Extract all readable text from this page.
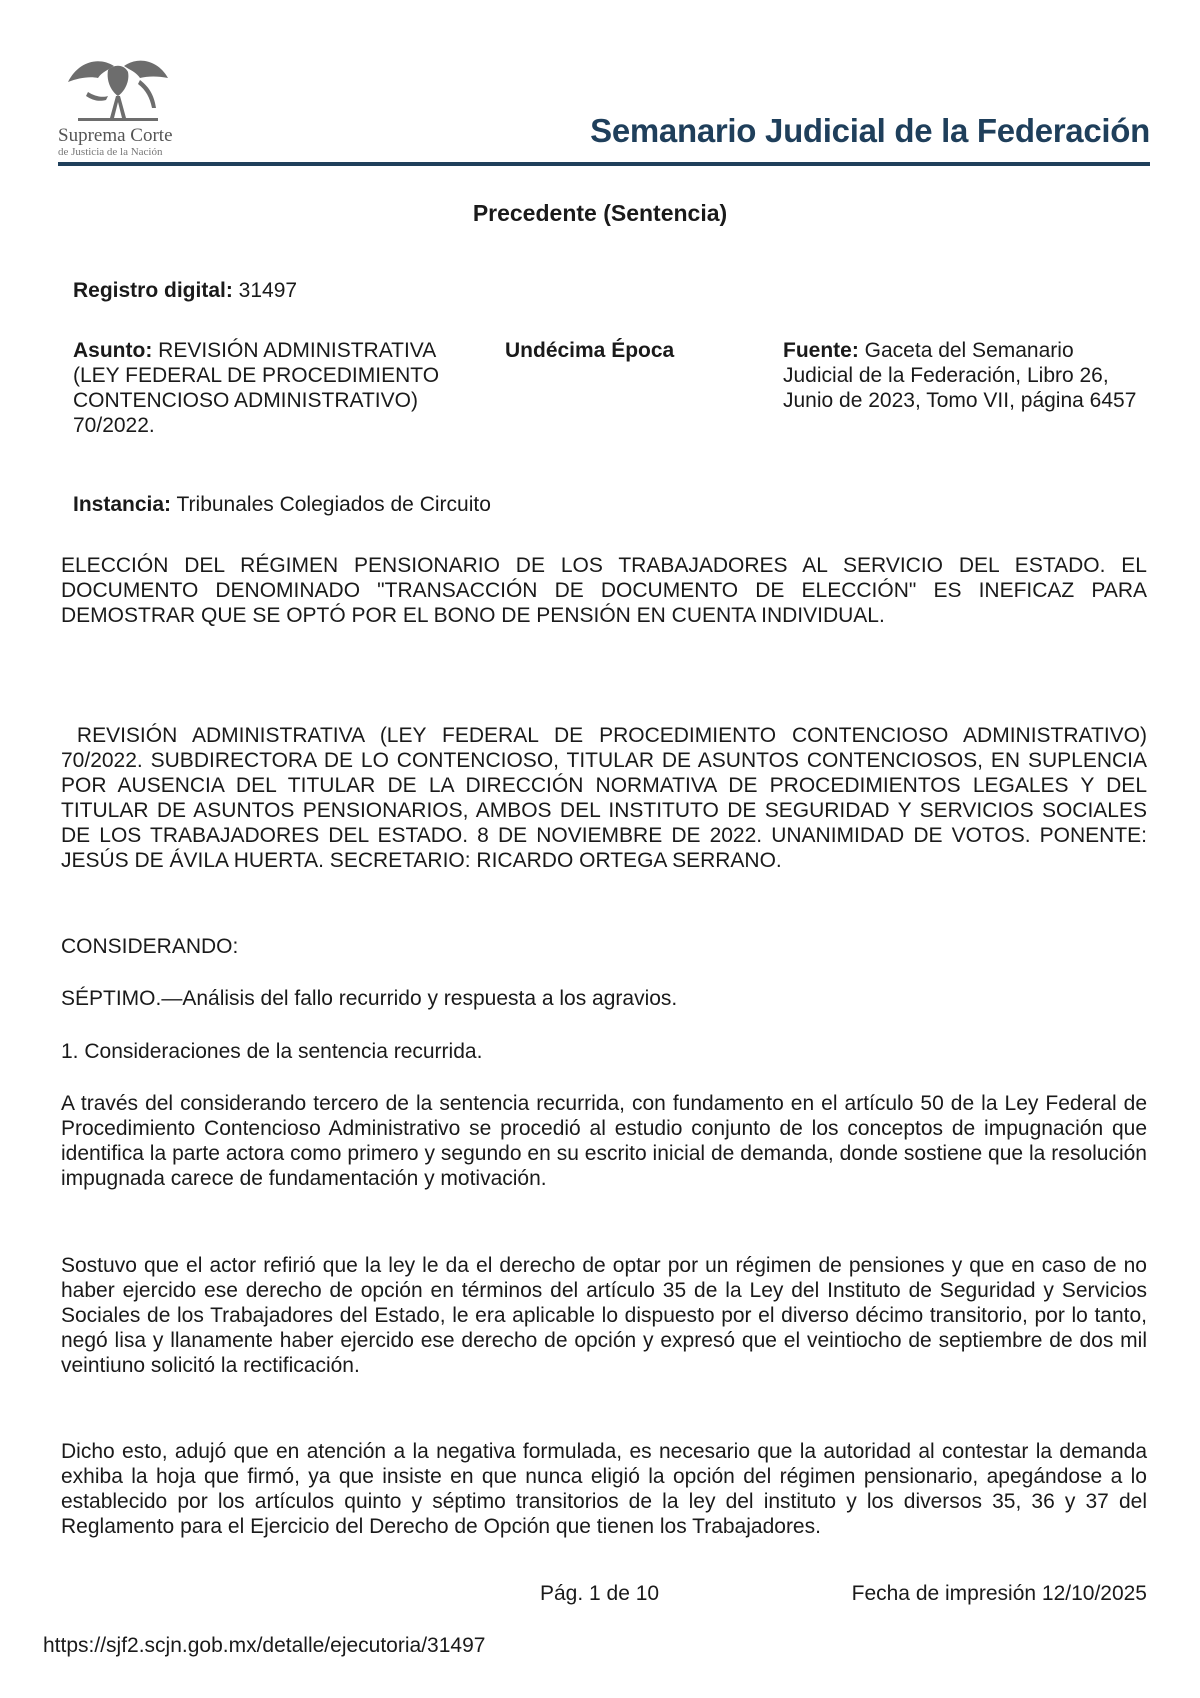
Suprema Corte
de Justicia de la Nación
Semanario Judicial de la Federación
Precedente (Sentencia)
Registro digital: 31497
Asunto: REVISIÓN ADMINISTRATIVA (LEY FEDERAL DE PROCEDIMIENTO CONTENCIOSO ADMINISTRATIVO) 70/2022.
Undécima Época	Fuente: Gaceta del Semanario Judicial de la Federación, Libro 26, Junio de 2023, Tomo VII, página 6457
Instancia: Tribunales Colegiados de Circuito
ELECCIÓN DEL RÉGIMEN PENSIONARIO DE LOS TRABAJADORES AL SERVICIO DEL ESTADO. EL DOCUMENTO DENOMINADO "TRANSACCIÓN DE DOCUMENTO DE ELECCIÓN" ES INEFICAZ PARA DEMOSTRAR QUE SE OPTÓ POR EL BONO DE PENSIÓN EN CUENTA INDIVIDUAL.
REVISIÓN ADMINISTRATIVA (LEY FEDERAL DE PROCEDIMIENTO CONTENCIOSO ADMINISTRATIVO) 70/2022. SUBDIRECTORA DE LO CONTENCIOSO, TITULAR DE ASUNTOS CONTENCIOSOS, EN SUPLENCIA POR AUSENCIA DEL TITULAR DE LA DIRECCIÓN NORMATIVA DE PROCEDIMIENTOS LEGALES Y DEL TITULAR DE ASUNTOS PENSIONARIOS, AMBOS DEL INSTITUTO DE SEGURIDAD Y SERVICIOS SOCIALES DE LOS TRABAJADORES DEL ESTADO. 8 DE NOVIEMBRE DE 2022. UNANIMIDAD DE VOTOS. PONENTE: JESÚS DE ÁVILA HUERTA. SECRETARIO: RICARDO ORTEGA SERRANO.
CONSIDERANDO:
SÉPTIMO.—Análisis del fallo recurrido y respuesta a los agravios.
1. Consideraciones de la sentencia recurrida.
A través del considerando tercero de la sentencia recurrida, con fundamento en el artículo 50 de la Ley Federal de Procedimiento Contencioso Administrativo se procedió al estudio conjunto de los conceptos de impugnación que identifica la parte actora como primero y segundo en su escrito inicial de demanda, donde sostiene que la resolución impugnada carece de fundamentación y motivación.
Sostuvo que el actor refirió que la ley le da el derecho de optar por un régimen de pensiones y que en caso de no haber ejercido ese derecho de opción en términos del artículo 35 de la Ley del Instituto de Seguridad y Servicios Sociales de los Trabajadores del Estado, le era aplicable lo dispuesto por el diverso décimo transitorio, por lo tanto, negó lisa y llanamente haber ejercido ese derecho de opción y expresó que el veintiocho de septiembre de dos mil veintiuno solicitó la rectificación.
Dicho esto, adujó que en atención a la negativa formulada, es necesario que la autoridad al contestar la demanda exhiba la hoja que firmó, ya que insiste en que nunca eligió la opción del régimen pensionario, apegándose a lo establecido por los artículos quinto y séptimo transitorios de la ley del instituto y los diversos 35, 36 y 37 del Reglamento para el Ejercicio del Derecho de Opción que tienen los Trabajadores.
Pág. 1 de 10	Fecha de impresión 12/10/2025
https://sjf2.scjn.gob.mx/detalle/ejecutoria/31497
